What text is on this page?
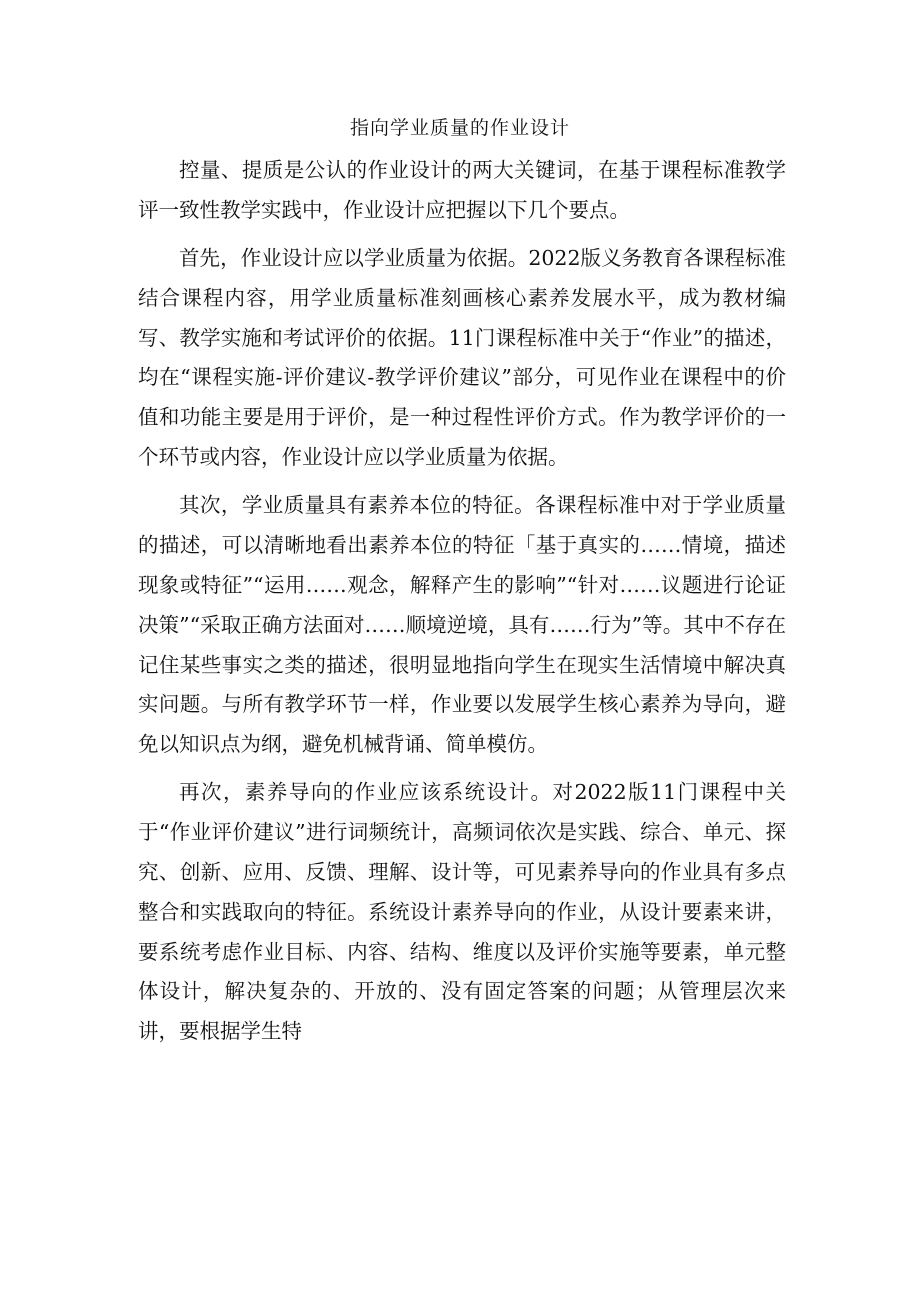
指向学业质量的作业设计

控量、提质是公认的作业设计的两大关键词，在基于课程标准教学评一致性教学实践中，作业设计应把握以下几个要点。

首先，作业设计应以学业质量为依据。2022版义务教育各课程标准结合课程内容，用学业质量标准刻画核心素养发展水平，成为教材编写、教学实施和考试评价的依据。11门课程标准中关于“作业”的描述，均在“课程实施-评价建议-教学评价建议”部分，可见作业在课程中的价值和功能主要是用于评价，是一种过程性评价方式。作为教学评价的一个环节或内容，作业设计应以学业质量为依据。

其次，学业质量具有素养本位的特征。各课程标准中对于学业质量的描述，可以清晰地看出素养本位的特征「基于真实的……情境，描述现象或特征”“运用……观念，解释产生的影响”“针对……议题进行论证决策”“采取正确方法面对……顺境逆境，具有……行为”等。其中不存在记住某些事实之类的描述，很明显地指向学生在现实生活情境中解决真实问题。与所有教学环节一样，作业要以发展学生核心素养为导向，避免以知识点为纲，避免机械背诵、简单模仿。

再次，素养导向的作业应该系统设计。对2022版11门课程中关于“作业评价建议”进行词频统计，高频词依次是实践、综合、单元、探究、创新、应用、反馈、理解、设计等，可见素养导向的作业具有多点整合和实践取向的特征。系统设计素养导向的作业，从设计要素来讲，要系统考虑作业目标、内容、结构、维度以及评价实施等要素，单元整体设计，解决复杂的、开放的、没有固定答案的问题；从管理层次来讲，要根据学生特
